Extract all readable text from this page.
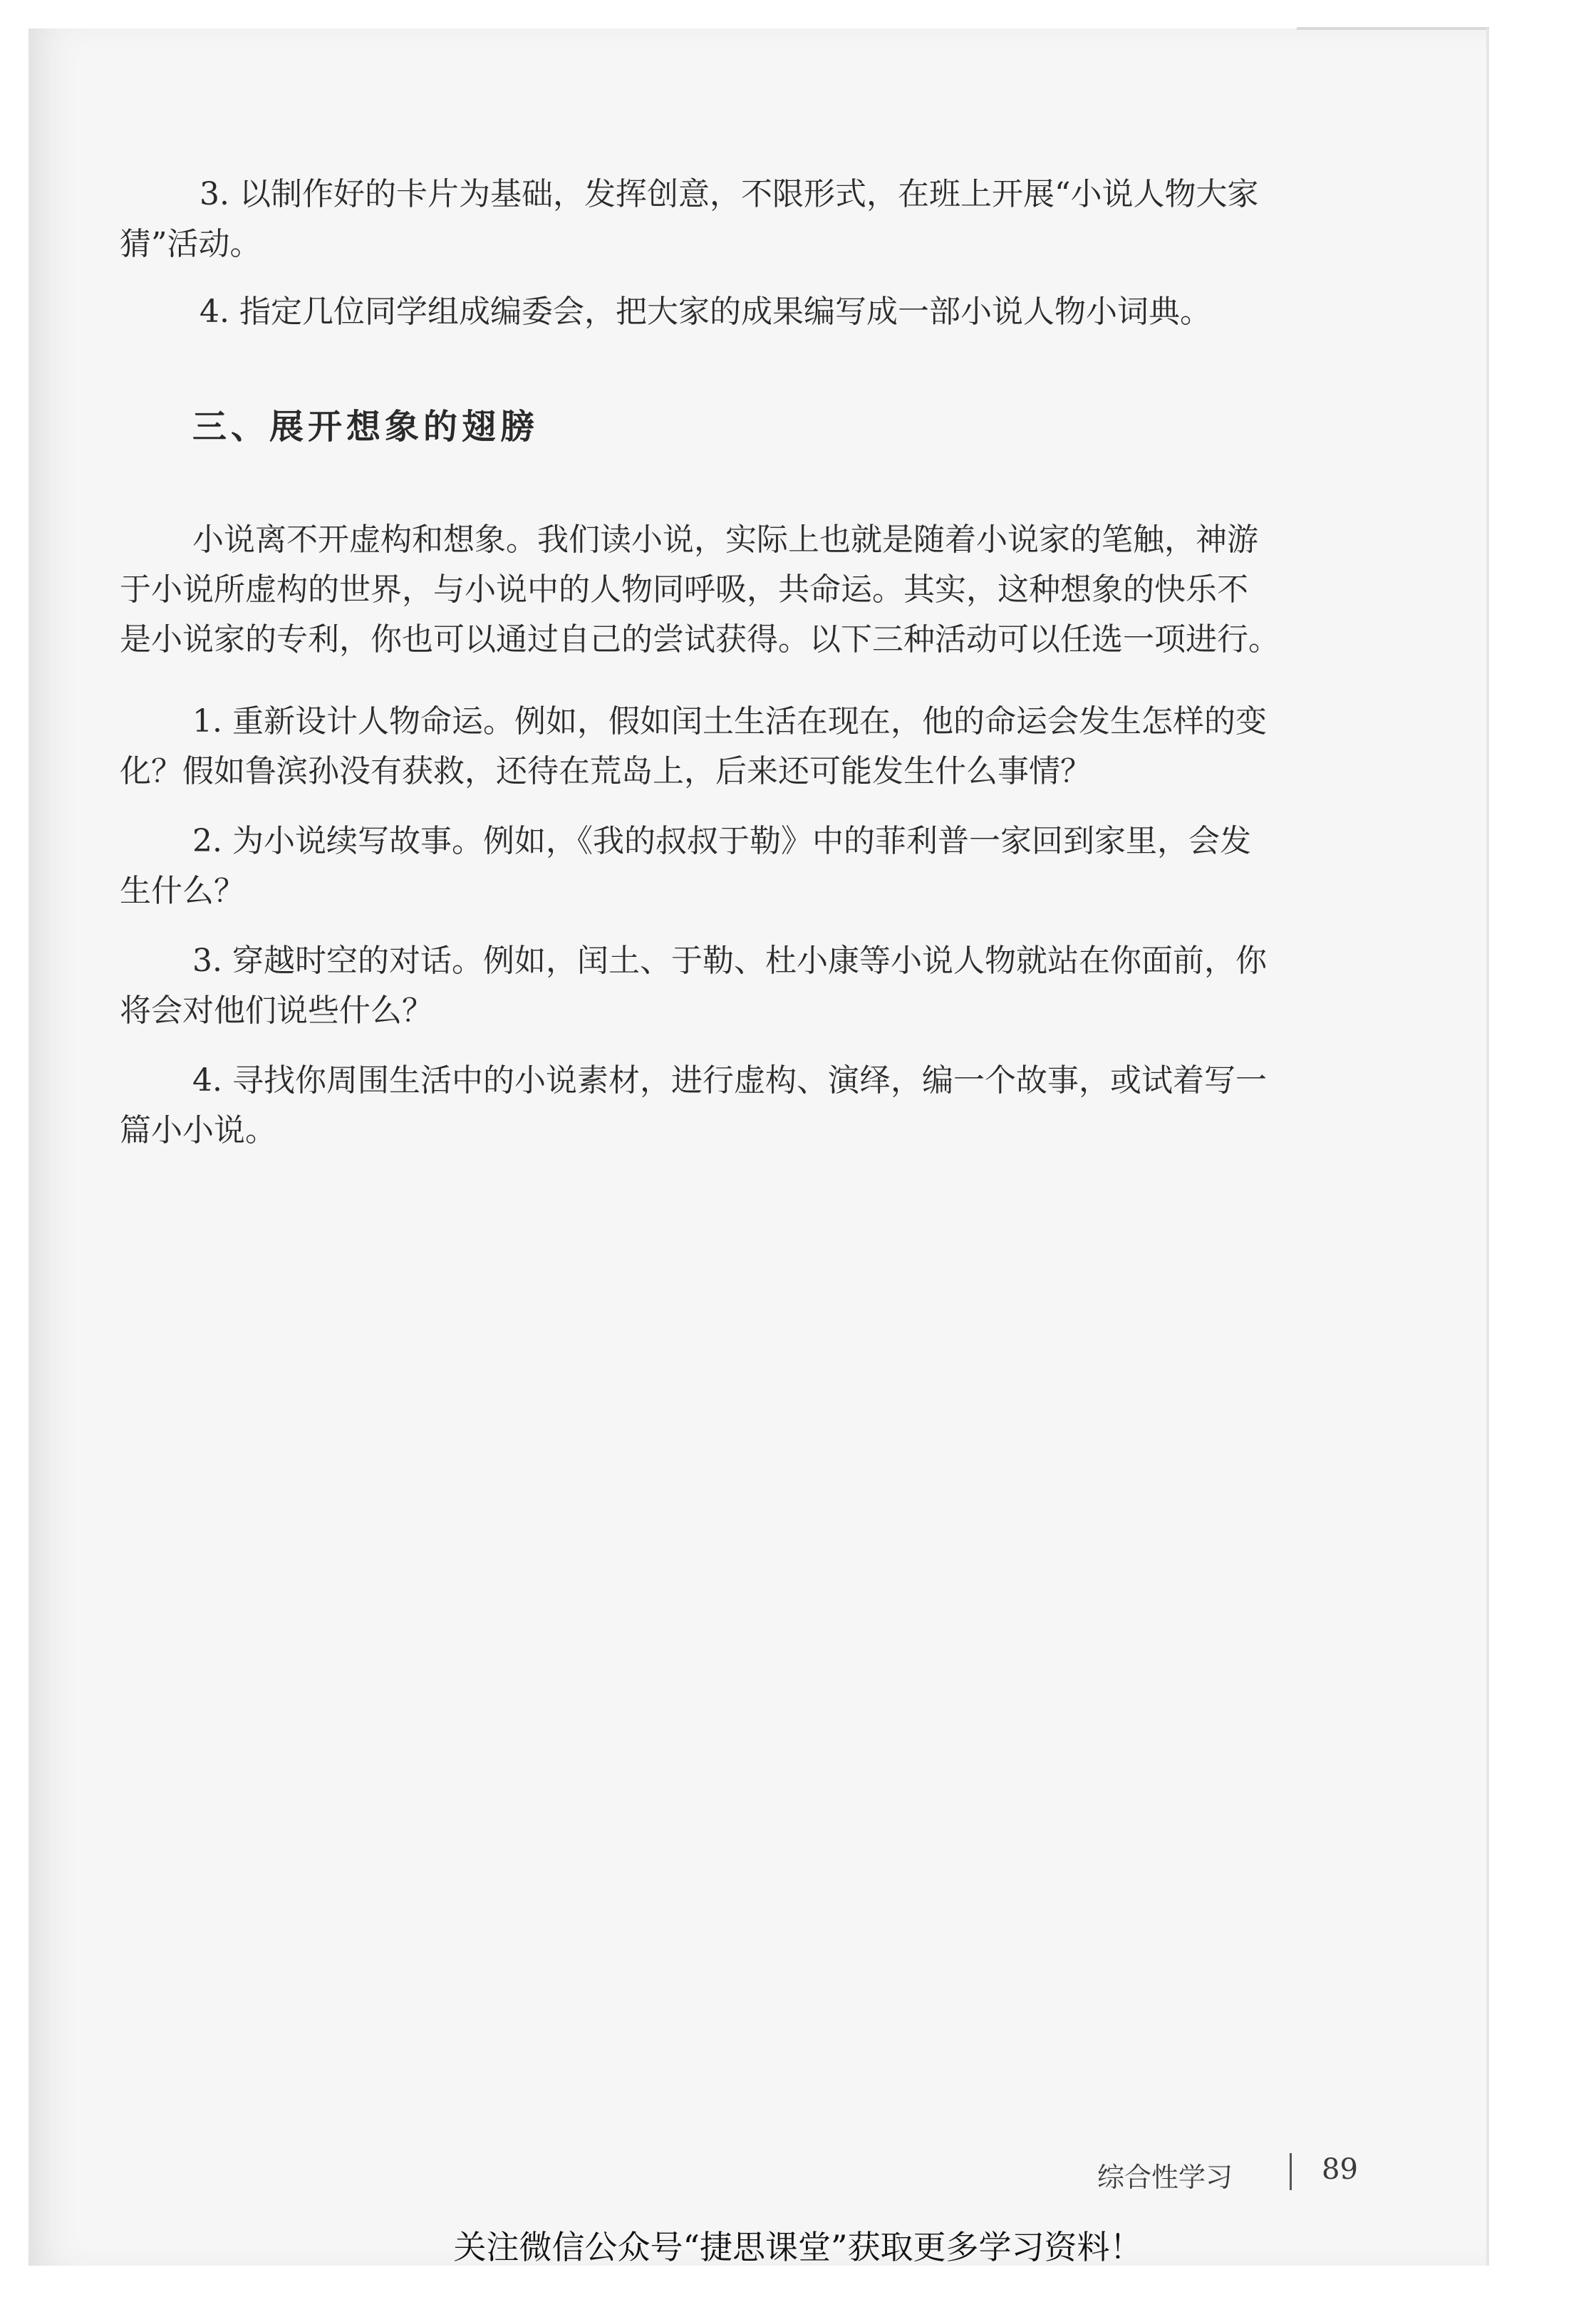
3. 以制作好的卡片为基础，发挥创意，不限形式，在班上开展“小说人物大家

猜”活动。

4. 指定几位同学组成编委会，把大家的成果编写成一部小说人物小词典。

三、展开想象的翅膀

小说离不开虚构和想象。我们读小说，实际上也就是随着小说家的笔触，神游

于小说所虚构的世界，与小说中的人物同呼吸，共命运。其实，这种想象的快乐不

是小说家的专利，你也可以通过自己的尝试获得。以下三种活动可以任选一项进行。

1. 重新设计人物命运。例如，假如闰土生活在现在，他的命运会发生怎样的变

化？假如鲁滨孙没有获救，还待在荒岛上，后来还可能发生什么事情？

2. 为小说续写故事。例如，《我的叔叔于勒》中的菲利普一家回到家里，会发

生什么？

3. 穿越时空的对话。例如，闰土、于勒、杜小康等小说人物就站在你面前，你

将会对他们说些什么？

4. 寻找你周围生活中的小说素材，进行虚构、演绎，编一个故事，或试着写一

篇小小说。

综合性学习	89
关注微信公众号“捷思课堂”获取更多学习资料！
